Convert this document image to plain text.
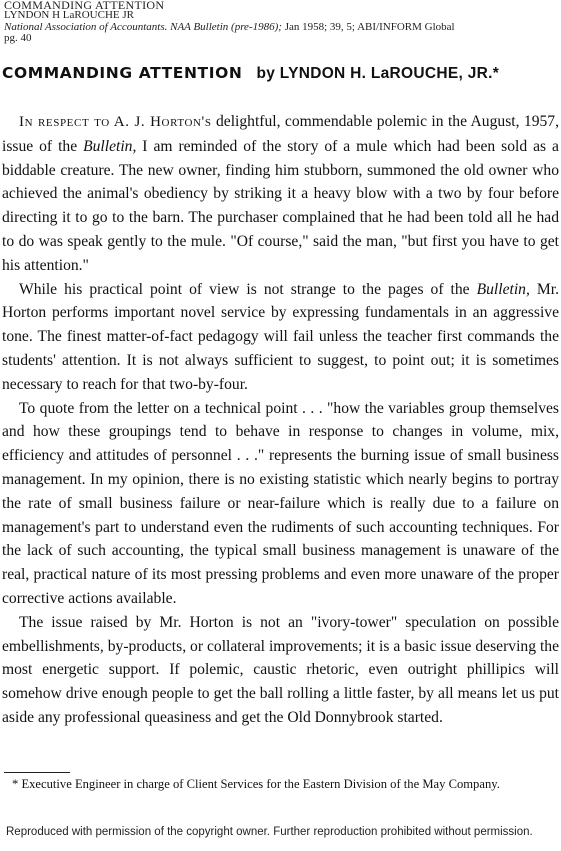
COMMANDING ATTENTION
LYNDON H LaROUCHE JR
National Association of Accountants. NAA Bulletin (pre-1986); Jan 1958; 39, 5; ABI/INFORM Global
pg. 40
COMMANDING ATTENTION by LYNDON H. LaROUCHE, JR.*

In respect to A. J. Horton's delightful, commendable polemic in the August, 1957, issue of the Bulletin, I am reminded of the story of a mule which had been sold as a biddable creature. The new owner, finding him stubborn, summoned the old owner who achieved the animal's obediency by striking it a heavy blow with a two by four before directing it to go to the barn. The purchaser complained that he had been told all he had to do was speak gently to the mule. "Of course," said the man, "but first you have to get his attention."

While his practical point of view is not strange to the pages of the Bulletin, Mr. Horton performs important novel service by expressing fundamentals in an aggressive tone. The finest matter-of-fact pedagogy will fail unless the teacher first commands the students' attention. It is not always sufficient to suggest, to point out; it is sometimes necessary to reach for that two-by-four.

To quote from the letter on a technical point . . . "how the variables group themselves and how these groupings tend to behave in response to changes in volume, mix, efficiency and attitudes of personnel . . ." represents the burning issue of small business management. In my opinion, there is no existing statistic which nearly begins to portray the rate of small business failure or near-failure which is really due to a failure on management's part to understand even the rudiments of such accounting techniques. For the lack of such accounting, the typical small business management is unaware of the real, practical nature of its most pressing problems and even more unaware of the proper corrective actions available.

The issue raised by Mr. Horton is not an "ivory-tower" speculation on possible embellishments, by-products, or collateral improvements; it is a basic issue deserving the most energetic support. If polemic, caustic rhetoric, even outright phillipics will somehow drive enough people to get the ball rolling a little faster, by all means let us put aside any professional queasiness and get the Old Donnybrook started.

* Executive Engineer in charge of Client Services for the Eastern Division of the May Company.
Reproduced with permission of the copyright owner. Further reproduction prohibited without permission.
